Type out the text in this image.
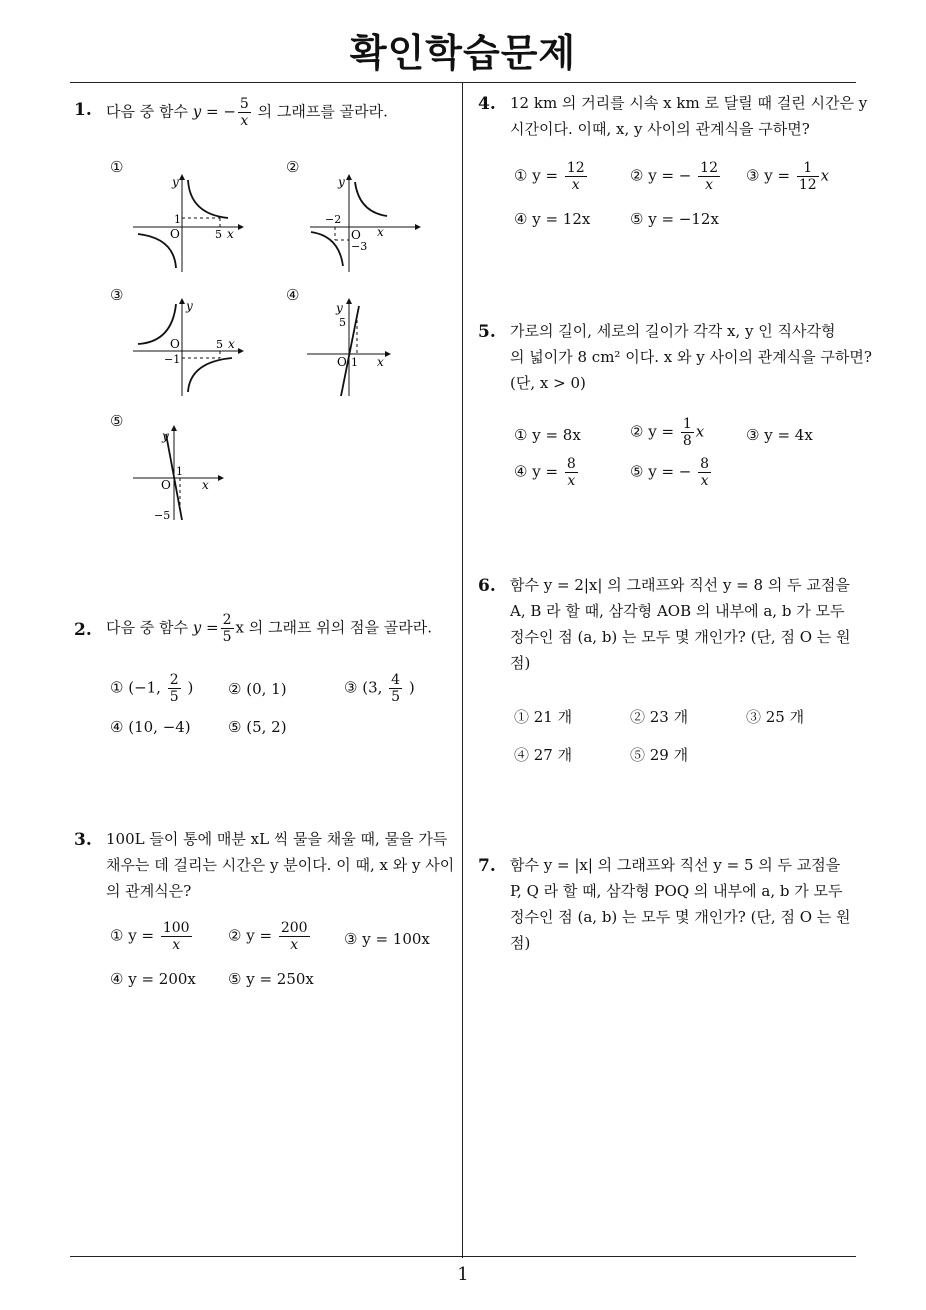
확인학습문제
1
1. 다음 중 함수 y = − $\frac{5}{x}$ 의 그래프를 골라라.
①	②
③	④
⑤
y
x
O
1
5
y
x
O
−2
−3
y
x
O
−1
5
y
x
O 1
5
y
x
O
1
−5
2. 다음 중 함수 $y = \frac{2}{5}$ x 의 그래프 위의 점을 골라라.
① (−1, $\frac{2}{5}$ ) ② (0, 1)	③ (3, $\frac{4}{5}$ )
④ (10, −4) ⑤ (5, 2)
3. 100L 들이 통에 매분 xL 씩 물을 채울 때, 물을 가득
채우는 데 걸리는 시간은 y 분이다. 이 때, x 와 y 사이
의 관계식은?
① $y = \frac{100}{x}$ ② $y = \frac{200}{x}$ ③ y = 100x
④ y = 200x ⑤ y = 250x
4. 12 km 의 거리를 시속 x km 로 달릴 때 걸린 시간은 y
시간이다. 이때, x, y 사이의 관계식을 구하면?
① $y = \frac{12}{x}$	② y = − $\frac{12}{x}$ ③ $y = \frac{1}{12}$ x
④ y = 12x	⑤ y = −12x
5. 가로의 길이, 세로의 길이가 각각 x, y 인 직사각형
의 넓이가 8 cm² 이다. x 와 y 사이의 관계식을 구하면?
(단, x > 0)
① y = 8x	② $y = \frac{1}{8}$ x	③ y = 4x
④ $y = \frac{8}{x}$	⑤ y = − $\frac{8}{x}$
6. 함수 y = 2|x| 의 그래프와 직선 y = 8 의 두 교점을
A, B 라 할 때, 삼각형 AOB 의 내부에 a, b 가 모두
정수인 점 (a, b) 는 모두 몇 개인가? (단, 점 O 는 원
점)
① 21 개	② 23 개	③ 25 개
④ 27 개	⑤ 29 개
7. 함수 y = |x| 의 그래프와 직선 y = 5 의 두 교점을
P, Q 라 할 때, 삼각형 POQ 의 내부에 a, b 가 모두
정수인 점 (a, b) 는 모두 몇 개인가? (단, 점 O 는 원
점)
